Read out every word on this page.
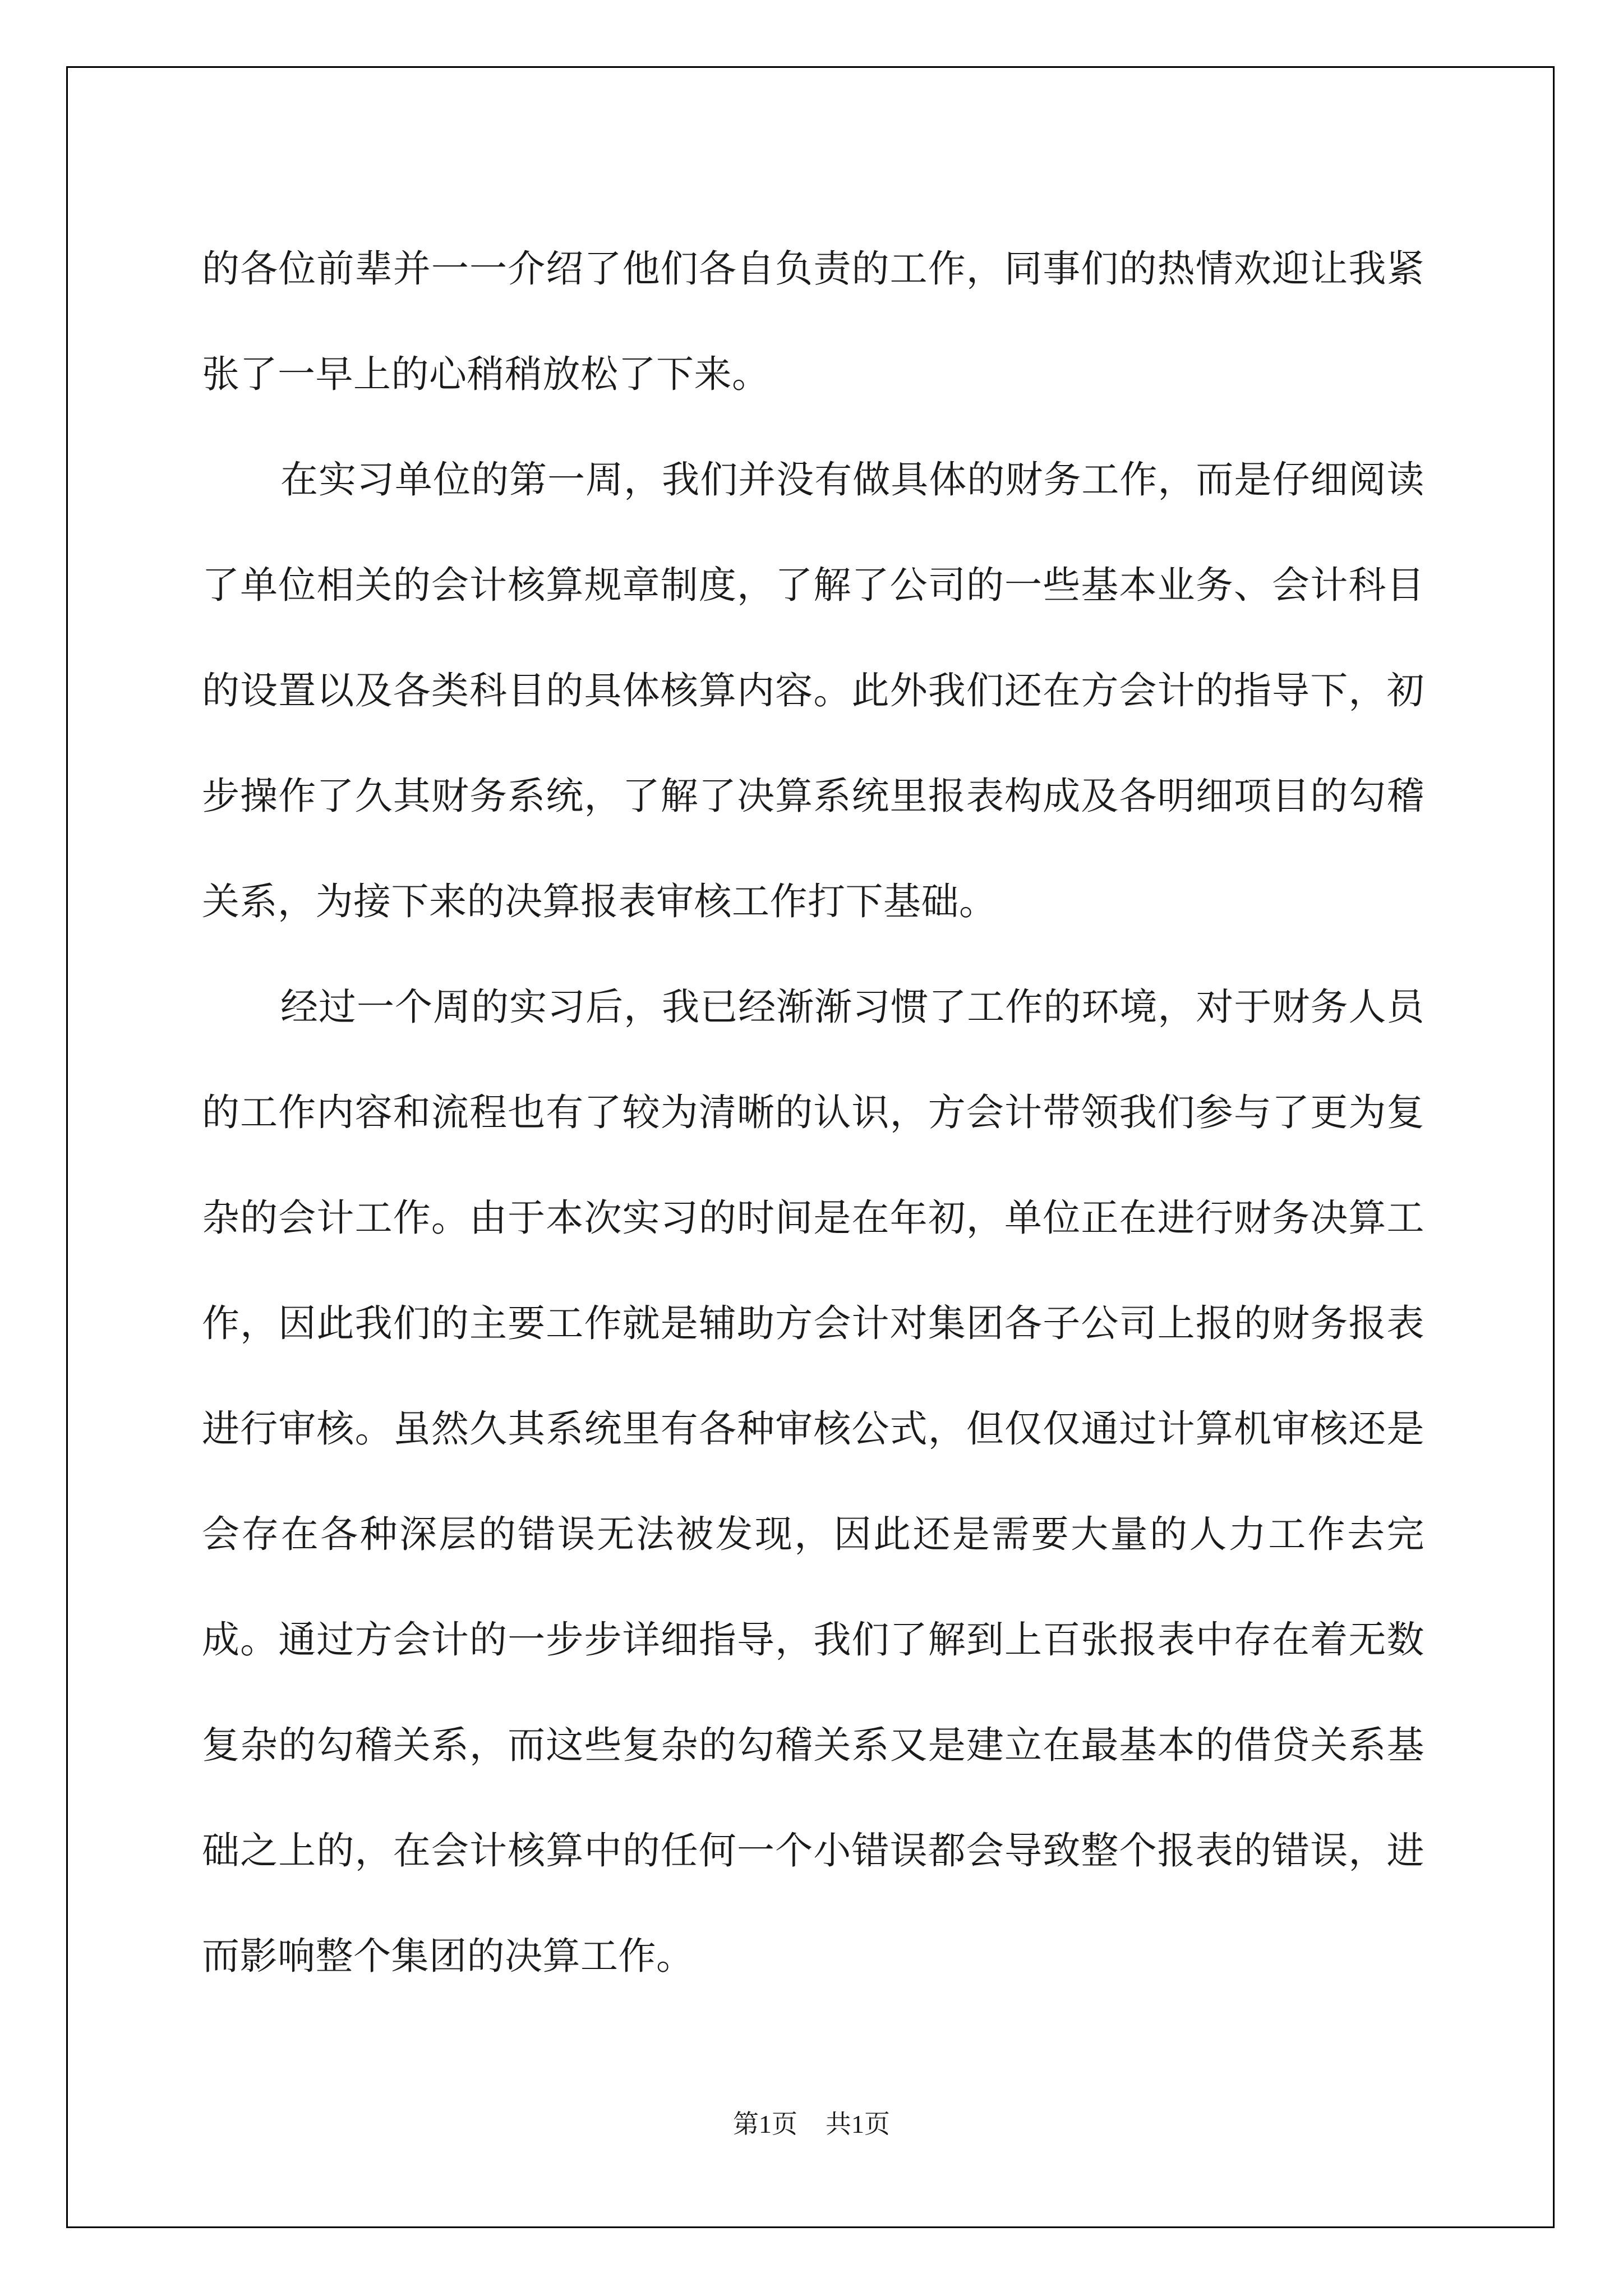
的各位前辈并一一介绍了他们各自负责的工作，同事们的热情欢迎让我紧张了一早上的心稍稍放松了下来。

在实习单位的第一周，我们并没有做具体的财务工作，而是仔细阅读了单位相关的会计核算规章制度，了解了公司的一些基本业务、会计科目的设置以及各类科目的具体核算内容。此外我们还在方会计的指导下，初步操作了久其财务系统，了解了决算系统里报表构成及各明细项目的勾稽关系，为接下来的决算报表审核工作打下基础。

经过一个周的实习后，我已经渐渐习惯了工作的环境，对于财务人员的工作内容和流程也有了较为清晰的认识，方会计带领我们参与了更为复杂的会计工作。由于本次实习的时间是在年初，单位正在进行财务决算工作，因此我们的主要工作就是辅助方会计对集团各子公司上报的财务报表进行审核。虽然久其系统里有各种审核公式，但仅仅通过计算机审核还是会存在各种深层的错误无法被发现，因此还是需要大量的人力工作去完成。通过方会计的一步步详细指导，我们了解到上百张报表中存在着无数复杂的勾稽关系，而这些复杂的勾稽关系又是建立在最基本的借贷关系基础之上的，在会计核算中的任何一个小错误都会导致整个报表的错误，进而影响整个集团的决算工作。

第1页 共1页
